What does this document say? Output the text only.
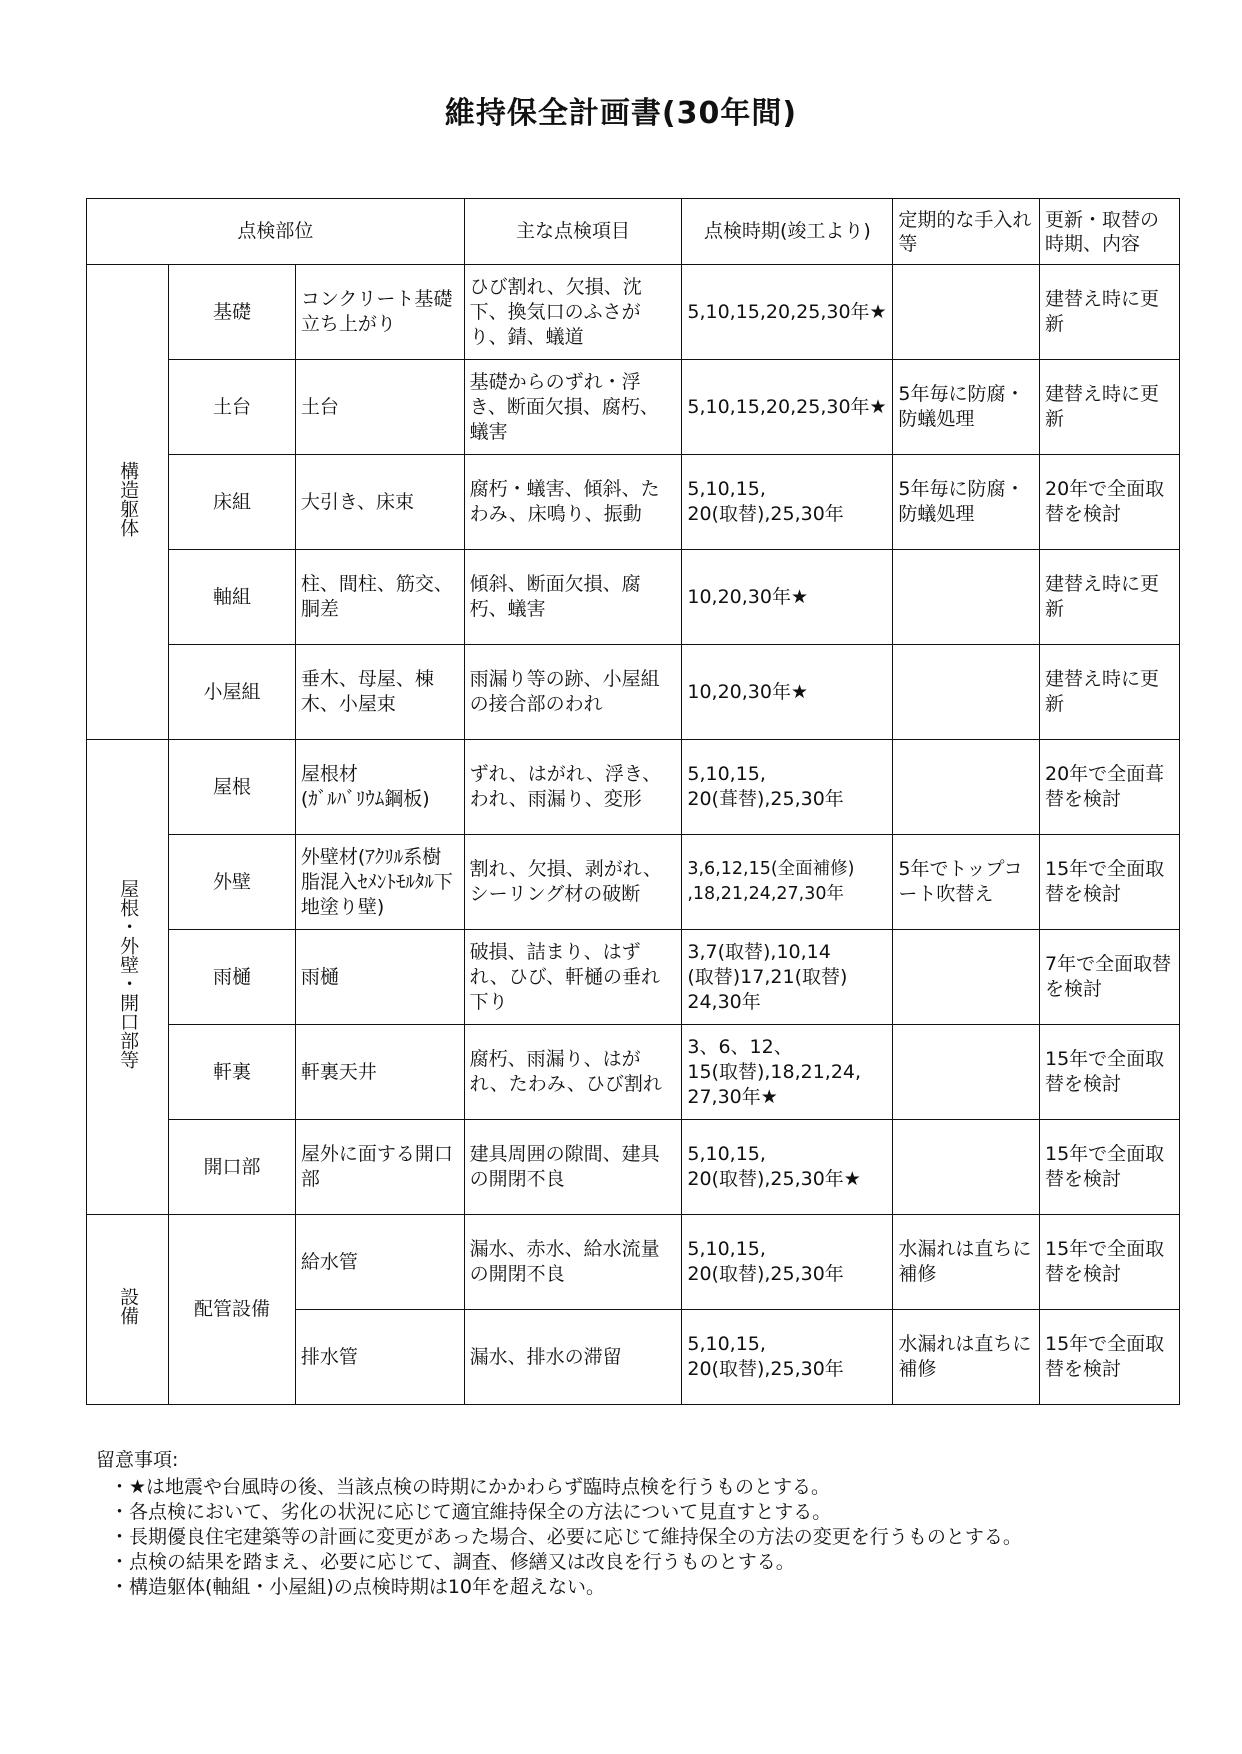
維持保全計画書(30年間)
点検部位			主な点検項目	点検時期(竣工より)	定期的な手入れ等	更新・取替の時期、内容
構造躯体	基礎	コンクリート基礎立ち上がり	ひび割れ、欠損、沈下、換気口のふさがり、錆、蟻道	5,10,15,20,25,30年★		建替え時に更新
	土台	土台	基礎からのずれ・浮き、断面欠損、腐朽、蟻害	5,10,15,20,25,30年★	5年毎に防腐・防蟻処理	建替え時に更新
	床組	大引き、床束	腐朽・蟻害、傾斜、たわみ、床鳴り、振動	5,10,15,
20(取替),25,30年	5年毎に防腐・防蟻処理	20年で全面取替を検討
	軸組	柱、間柱、筋交、胴差	傾斜、断面欠損、腐朽、蟻害	10,20,30年★		建替え時に更新
	小屋組	垂木、母屋、棟木、小屋束	雨漏り等の跡、小屋組の接合部のわれ	10,20,30年★		建替え時に更新
屋根・外壁・開口部等	屋根	屋根材
(ｶﾞﾙﾊﾞﾘｳﾑ鋼板)	ずれ、はがれ、浮き、われ、雨漏り、変形	5,10,15,
20(葺替),25,30年		20年で全面葺替を検討
	外壁	外壁材(ｱｸﾘﾙ系樹脂混入ｾﾒﾝﾄﾓﾙﾀﾙ下地塗り壁)	割れ、欠損、剥がれ、シーリング材の破断	3,6,12,15(全面補修)
,18,21,24,27,30年	5年でトップコート吹替え	15年で全面取替を検討
	雨樋	雨樋	破損、詰まり、はずれ、ひび、軒樋の垂れ下り	3,7(取替),10,14
(取替)17,21(取替)
24,30年		7年で全面取替を検討
	軒裏	軒裏天井	腐朽、雨漏り、はがれ、たわみ、ひび割れ	3、6、12、
15(取替),18,21,24,
27,30年★		15年で全面取替を検討
	開口部	屋外に面する開口部	建具周囲の隙間、建具の開閉不良	5,10,15,
20(取替),25,30年★		15年で全面取替を検討
設備	配管設備	給水管	漏水、赤水、給水流量の開閉不良	5,10,15,
20(取替),25,30年	水漏れは直ちに補修	15年で全面取替を検討
		排水管	漏水、排水の滞留	5,10,15,
20(取替),25,30年	水漏れは直ちに補修	15年で全面取替を検討
留意事項:
・★は地震や台風時の後、当該点検の時期にかかわらず臨時点検を行うものとする。
・各点検において、劣化の状況に応じて適宜維持保全の方法について見直すとする。
・長期優良住宅建築等の計画に変更があった場合、必要に応じて維持保全の方法の変更を行うものとする。
・点検の結果を踏まえ、必要に応じて、調査、修繕又は改良を行うものとする。
・構造躯体(軸組・小屋組)の点検時期は10年を超えない。
